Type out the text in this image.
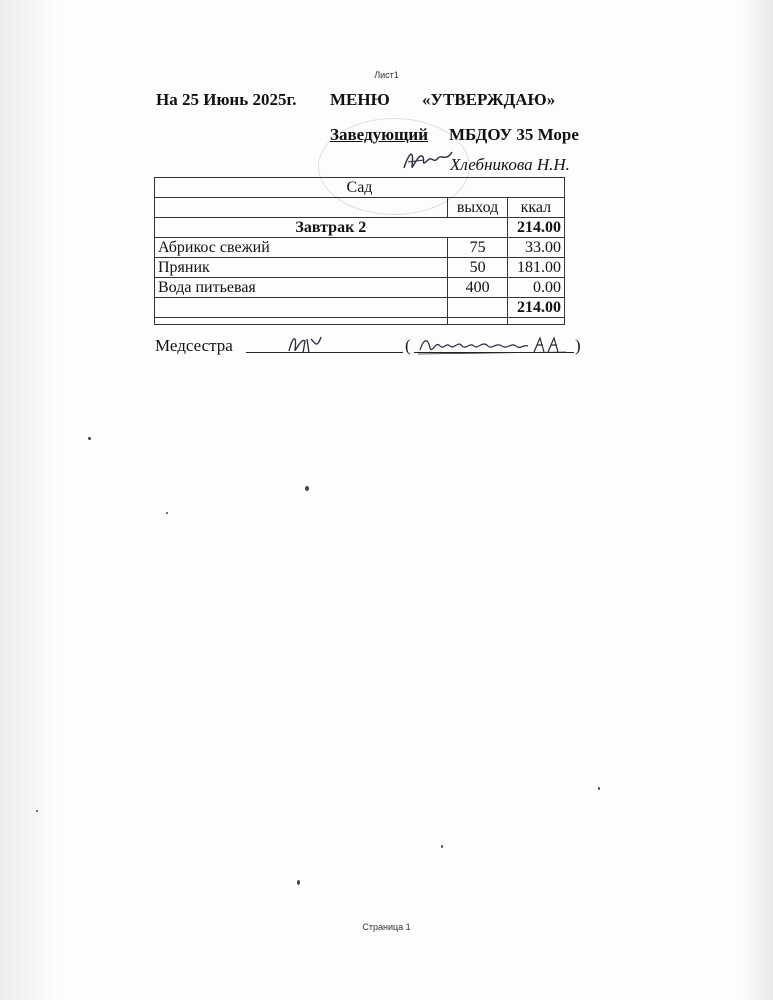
Лист1
На 25 Июнь 2025г. МЕНЮ «УТВЕРЖДАЮ»
Заведующий МБДОУ 35 Море
Хлебникова Н.Н.
Сад		
	выход	ккал
Завтрак 2		214.00
Абрикос свежий	75	33.00
Пряник	50	181.00
Вода питьевая	400	0.00
		214.00

Медсестра	(	)
Страница 1
